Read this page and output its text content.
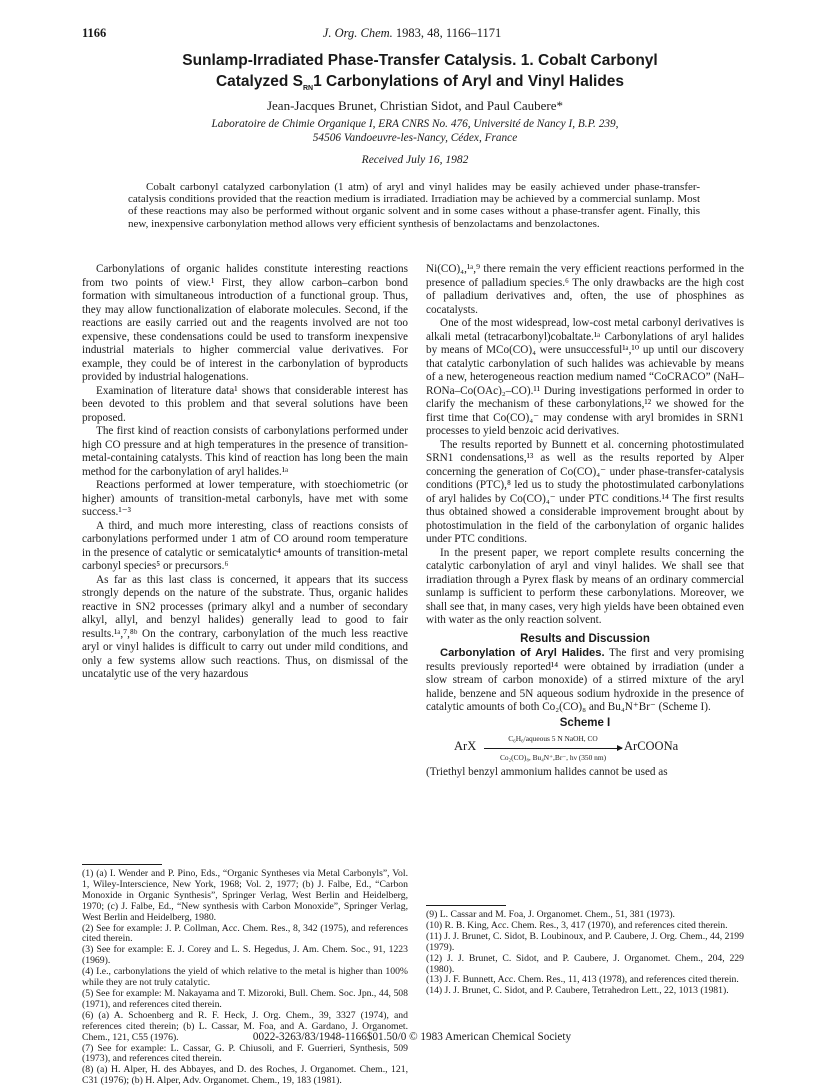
1166	J. Org. Chem. 1983, 48, 1166–1171
Sunlamp-Irradiated Phase-Transfer Catalysis. 1. Cobalt Carbonyl
Catalyzed $S_{RN}1$ Carbonylations of Aryl and Vinyl Halides
Jean-Jacques Brunet, Christian Sidot, and Paul Caubere*
Laboratoire de Chimie Organique I, ERA CNRS No. 476, Université de Nancy I, B.P. 239,
54506 Vandoeuvre-les-Nancy, Cédex, France
Received July 16, 1982
Cobalt carbonyl catalyzed carbonylation (1 atm) of aryl and vinyl halides may be easily achieved under phase-transfer-catalysis conditions provided that the reaction medium is irradiated. Irradiation may be achieved by a commercial sunlamp. Most of these reactions may also be performed without organic solvent and in some cases without a phase-transfer agent. Finally, this new, inexpensive carbonylation method allows very efficient synthesis of benzolactams and benzolactones.

Carbonylations of organic halides constitute interesting reactions from two points of view.¹ First, they allow carbon–carbon bond formation with simultaneous introduction of a functional group. Thus, they may allow functionalization of elaborate molecules. Second, if the reactions are easily carried out and the reagents involved are not too expensive, these condensations could be used to transform inexpensive industrial materials to higher commercial value derivatives. For example, they could be of interest in the carbonylation of byproducts provided by industrial halogenations.

Examination of literature data¹ shows that considerable interest has been devoted to this problem and that several solutions have been proposed.

The first kind of reaction consists of carbonylations performed under high CO pressure and at high temperatures in the presence of transition-metal-containing catalysts. This kind of reaction has long been the main method for the carbonylation of aryl halides.¹ᵃ

Reactions performed at lower temperature, with stoechiometric (or higher) amounts of transition-metal carbonyls, have met with some success.¹⁻³

A third, and much more interesting, class of reactions consists of carbonylations performed under 1 atm of CO around room temperature in the presence of catalytic or semicatalytic⁴ amounts of transition-metal carbonyl species⁵ or precursors.⁶

As far as this last class is concerned, it appears that its success strongly depends on the nature of the substrate. Thus, organic halides reactive in SN2 processes (primary alkyl and a number of secondary alkyl, allyl, and benzyl halides) generally lead to good to fair results.¹ᵃ,⁷,⁸ᵇ On the contrary, carbonylation of the much less reactive aryl or vinyl halides is difficult to carry out under mild conditions, and only a few systems allow such reactions. Thus, on dismissal of the uncatalytic use of the very hazardous

Ni(CO)₄,¹ᵃ,⁹ there remain the very efficient reactions performed in the presence of palladium species.⁶ The only drawbacks are the high cost of palladium derivatives and, often, the use of phosphines as cocatalysts.

One of the most widespread, low-cost metal carbonyl derivatives is alkali metal (tetracarbonyl)cobaltate.¹ᵃ Carbonylations of aryl halides by means of MCo(CO)₄ were unsuccessful¹ᵃ,¹⁰ up until our discovery that catalytic carbonylation of such halides was achievable by means of a new, heterogeneous reaction medium named “CoCRACO” (NaH–RONa–Co(OAc)₂–CO).¹¹ During investigations performed in order to clarify the mechanism of these carbonylations,¹² we showed for the first time that Co(CO)₄⁻ may condense with aryl bromides in SRN1 processes to yield benzoic acid derivatives.

The results reported by Bunnett et al. concerning photostimulated SRN1 condensations,¹³ as well as the results reported by Alper concerning the generation of Co(CO)₄⁻ under phase-transfer-catalysis conditions (PTC),⁸ led us to study the photostimulated carbonylations of aryl halides by Co(CO)₄⁻ under PTC conditions.¹⁴ The first results thus obtained showed a considerable improvement brought about by photostimulation in the field of the carbonylation of organic halides under PTC conditions.

In the present paper, we report complete results concerning the catalytic carbonylation of aryl and vinyl halides. We shall see that irradiation through a Pyrex flask by means of an ordinary commercial sunlamp is sufficient to perform these carbonylations. Moreover, we shall see that, in many cases, very high yields have been obtained even with water as the only reaction solvent.

Results and Discussion

Carbonylation of Aryl Halides. The first and very promising results previously reported¹⁴ were obtained by irradiation (under a slow stream of carbon monoxide) of a stirred mixture of the aryl halide, benzene and 5N aqueous sodium hydroxide in the presence of catalytic amounts of both Co₂(CO)₈ and Bu₄N⁺Br⁻ (Scheme I).

Scheme I
ArX
C₆H₆/aqueous 5 N NaOH, CO
Co₂(CO)₈, Bu₄N⁺,Br⁻, hν (350 nm)
ArCOONa

(Triethyl benzyl ammonium halides cannot be used as

(1) (a) I. Wender and P. Pino, Eds., “Organic Syntheses via Metal Carbonyls”, Vol. 1, Wiley-Interscience, New York, 1968; Vol. 2, 1977; (b) J. Falbe, Ed., “Carbon Monoxide in Organic Synthesis”, Springer Verlag, West Berlin and Heidelberg, 1970; (c) J. Falbe, Ed., “New synthesis with Carbon Monoxide”, Springer Verlag, West Berlin and Heidelberg, 1980.

(2) See for example: J. P. Collman, Acc. Chem. Res., 8, 342 (1975), and references cited therein.

(3) See for example: E. J. Corey and L. S. Hegedus, J. Am. Chem. Soc., 91, 1223 (1969).

(4) I.e., carbonylations the yield of which relative to the metal is higher than 100% while they are not truly catalytic.

(5) See for example: M. Nakayama and T. Mizoroki, Bull. Chem. Soc. Jpn., 44, 508 (1971), and references cited therein.

(6) (a) A. Schoenberg and R. F. Heck, J. Org. Chem., 39, 3327 (1974), and references cited therein; (b) L. Cassar, M. Foa, and A. Gardano, J. Organomet. Chem., 121, C55 (1976).

(7) See for example: L. Cassar, G. P. Chiusoli, and F. Guerrieri, Synthesis, 509 (1973), and references cited therein.

(8) (a) H. Alper, H. des Abbayes, and D. des Roches, J. Organomet. Chem., 121, C31 (1976); (b) H. Alper, Adv. Organomet. Chem., 19, 183 (1981).

(9) L. Cassar and M. Foa, J. Organomet. Chem., 51, 381 (1973).

(10) R. B. King, Acc. Chem. Res., 3, 417 (1970), and references cited therein.

(11) J. J. Brunet, C. Sidot, B. Loubinoux, and P. Caubere, J. Org. Chem., 44, 2199 (1979).

(12) J. J. Brunet, C. Sidot, and P. Caubere, J. Organomet. Chem., 204, 229 (1980).

(13) J. F. Bunnett, Acc. Chem. Res., 11, 413 (1978), and references cited therein.

(14) J. J. Brunet, C. Sidot, and P. Caubere, Tetrahedron Lett., 22, 1013 (1981).

0022-3263/83/1948-1166$01.50/0 © 1983 American Chemical Society
